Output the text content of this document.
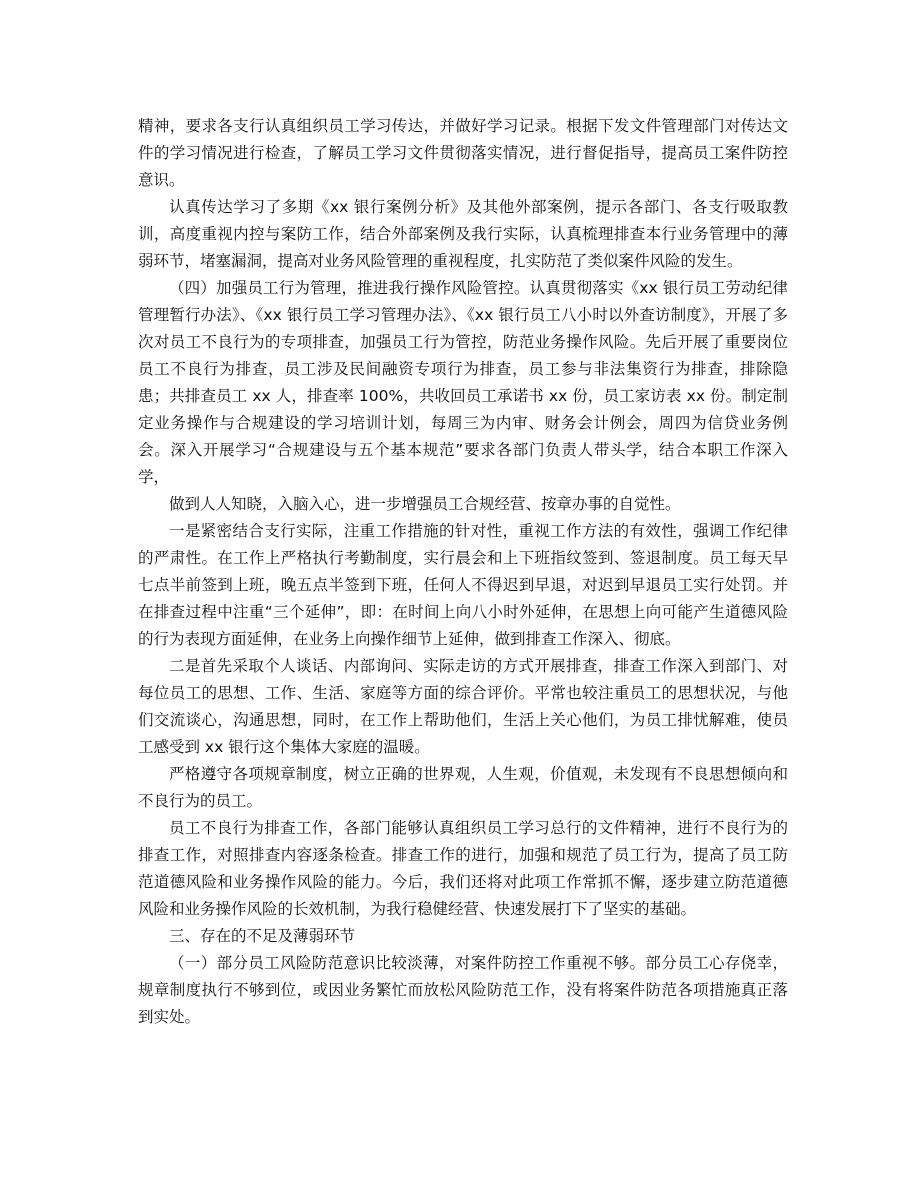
精神，要求各支行认真组织员工学习传达，并做好学习记录。根据下发文件管理部门对传达文件的学习情况进行检查，了解员工学习文件贯彻落实情况，进行督促指导，提高员工案件防控意识。

认真传达学习了多期《xx 银行案例分析》及其他外部案例，提示各部门、各支行吸取教训，高度重视内控与案防工作，结合外部案例及我行实际，认真梳理排查本行业务管理中的薄弱环节，堵塞漏洞，提高对业务风险管理的重视程度，扎实防范了类似案件风险的发生。

（四）加强员工行为管理，推进我行操作风险管控。认真贯彻落实《xx 银行员工劳动纪律管理暂行办法》、《xx 银行员工学习管理办法》、《xx 银行员工八小时以外查访制度》，开展了多次对员工不良行为的专项排查，加强员工行为管控，防范业务操作风险。先后开展了重要岗位员工不良行为排查，员工涉及民间融资专项行为排查，员工参与非法集资行为排查，排除隐患；共排查员工 xx 人，排查率 100%，共收回员工承诺书 xx 份，员工家访表 xx 份。制定制定业务操作与合规建设的学习培训计划，每周三为内审、财务会计例会，周四为信贷业务例会。深入开展学习“合规建设与五个基本规范”要求各部门负责人带头学，结合本职工作深入学，

做到人人知晓，入脑入心，进一步增强员工合规经营、按章办事的自觉性。

一是紧密结合支行实际，注重工作措施的针对性，重视工作方法的有效性，强调工作纪律的严肃性。在工作上严格执行考勤制度，实行晨会和上下班指纹签到、签退制度。员工每天早七点半前签到上班，晚五点半签到下班，任何人不得迟到早退，对迟到早退员工实行处罚。并在排查过程中注重“三个延伸”，即：在时间上向八小时外延伸，在思想上向可能产生道德风险的行为表现方面延伸，在业务上向操作细节上延伸，做到排查工作深入、彻底。

二是首先采取个人谈话、内部询问、实际走访的方式开展排查，排查工作深入到部门、对每位员工的思想、工作、生活、家庭等方面的综合评价。平常也较注重员工的思想状况，与他们交流谈心，沟通思想，同时，在工作上帮助他们，生活上关心他们，为员工排忧解难，使员工感受到 xx 银行这个集体大家庭的温暖。

严格遵守各项规章制度，树立正确的世界观，人生观，价值观，未发现有不良思想倾向和不良行为的员工。

员工不良行为排查工作，各部门能够认真组织员工学习总行的文件精神，进行不良行为的排查工作，对照排查内容逐条检查。排查工作的进行，加强和规范了员工行为，提高了员工防范道德风险和业务操作风险的能力。今后，我们还将对此项工作常抓不懈，逐步建立防范道德风险和业务操作风险的长效机制，为我行稳健经营、快速发展打下了坚实的基础。

三、存在的不足及薄弱环节

（一）部分员工风险防范意识比较淡薄，对案件防控工作重视不够。部分员工心存侥幸，规章制度执行不够到位，或因业务繁忙而放松风险防范工作，没有将案件防范各项措施真正落到实处。
